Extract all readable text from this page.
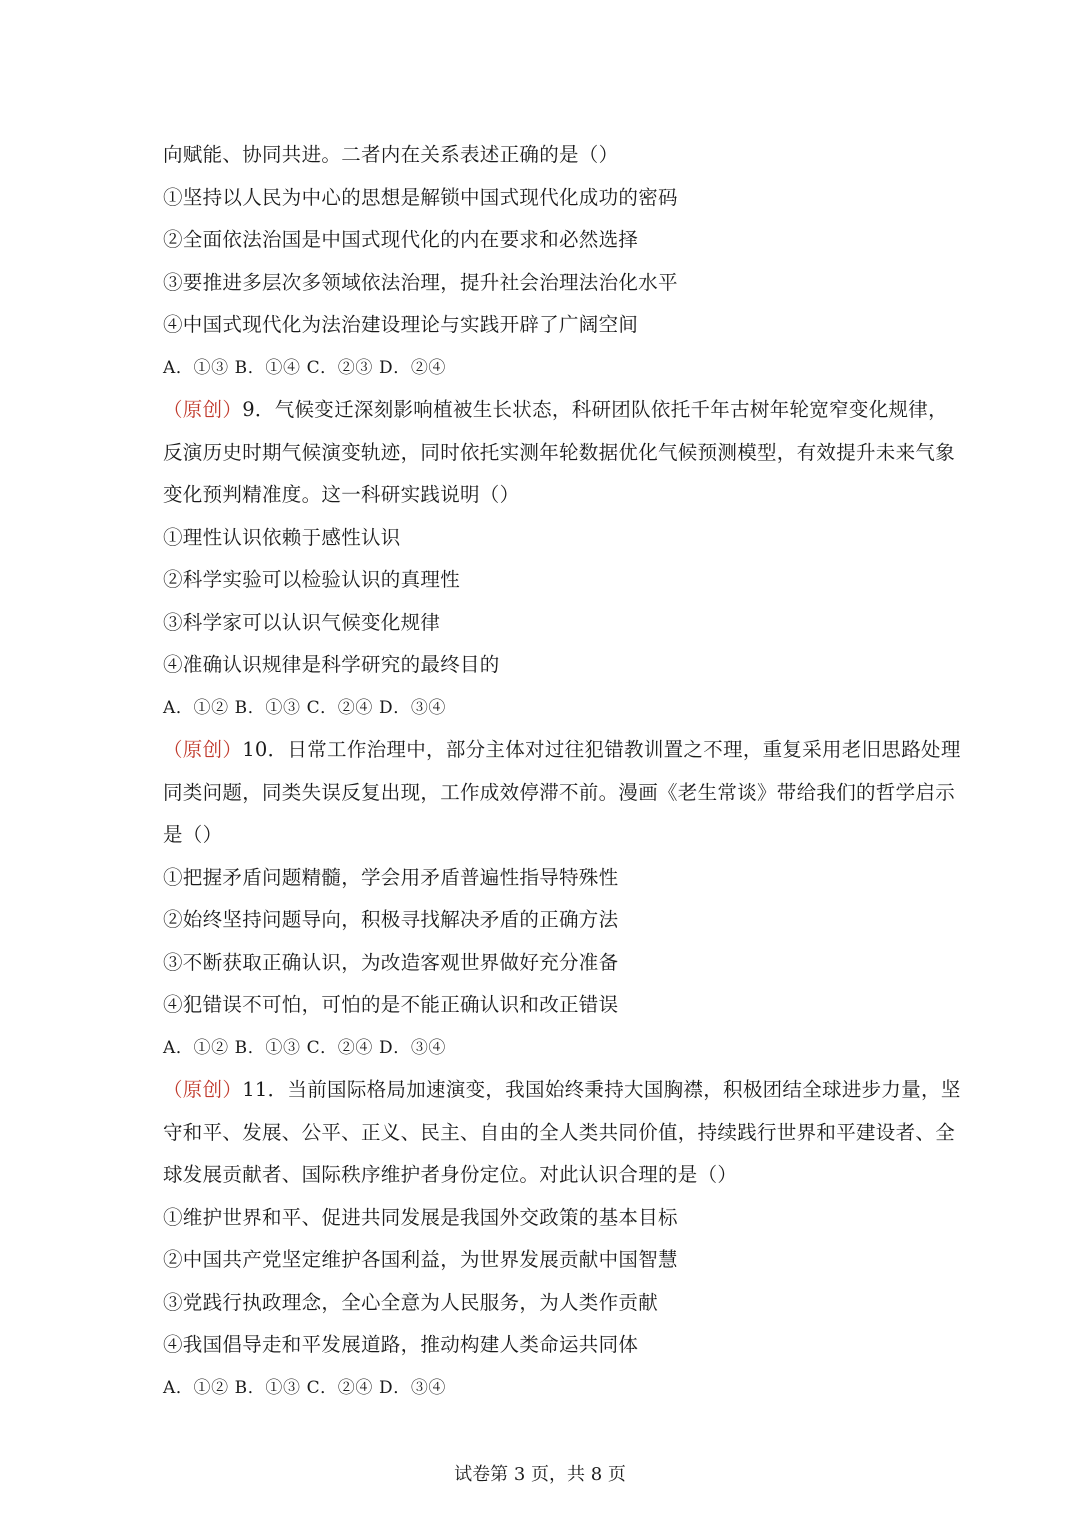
向赋能、协同共进。二者内在关系表述正确的是（）
①坚持以人民为中心的思想是解锁中国式现代化成功的密码
②全面依法治国是中国式现代化的内在要求和必然选择
③要推进多层次多领域依法治理，提升社会治理法治化水平
④中国式现代化为法治建设理论与实践开辟了广阔空间
A．①③ B．①④ C．②③ D．②④
（原创）9．气候变迁深刻影响植被生长状态，科研团队依托千年古树年轮宽窄变化规律，
反演历史时期气候演变轨迹，同时依托实测年轮数据优化气候预测模型，有效提升未来气象
变化预判精准度。这一科研实践说明（）
①理性认识依赖于感性认识
②科学实验可以检验认识的真理性
③科学家可以认识气候变化规律
④准确认识规律是科学研究的最终目的
A．①② B．①③ C．②④ D．③④
（原创）10．日常工作治理中，部分主体对过往犯错教训置之不理，重复采用老旧思路处理
同类问题，同类失误反复出现，工作成效停滞不前。漫画《老生常谈》带给我们的哲学启示
是（）
①把握矛盾问题精髓，学会用矛盾普遍性指导特殊性
②始终坚持问题导向，积极寻找解决矛盾的正确方法
③不断获取正确认识，为改造客观世界做好充分准备
④犯错误不可怕，可怕的是不能正确认识和改正错误
A．①② B．①③ C．②④ D．③④
（原创）11．当前国际格局加速演变，我国始终秉持大国胸襟，积极团结全球进步力量，坚
守和平、发展、公平、正义、民主、自由的全人类共同价值，持续践行世界和平建设者、全
球发展贡献者、国际秩序维护者身份定位。对此认识合理的是（）
①维护世界和平、促进共同发展是我国外交政策的基本目标
②中国共产党坚定维护各国利益，为世界发展贡献中国智慧
③党践行执政理念，全心全意为人民服务，为人类作贡献
④我国倡导走和平发展道路，推动构建人类命运共同体
A．①② B．①③ C．②④ D．③④
试卷第 3 页，共 8 页
